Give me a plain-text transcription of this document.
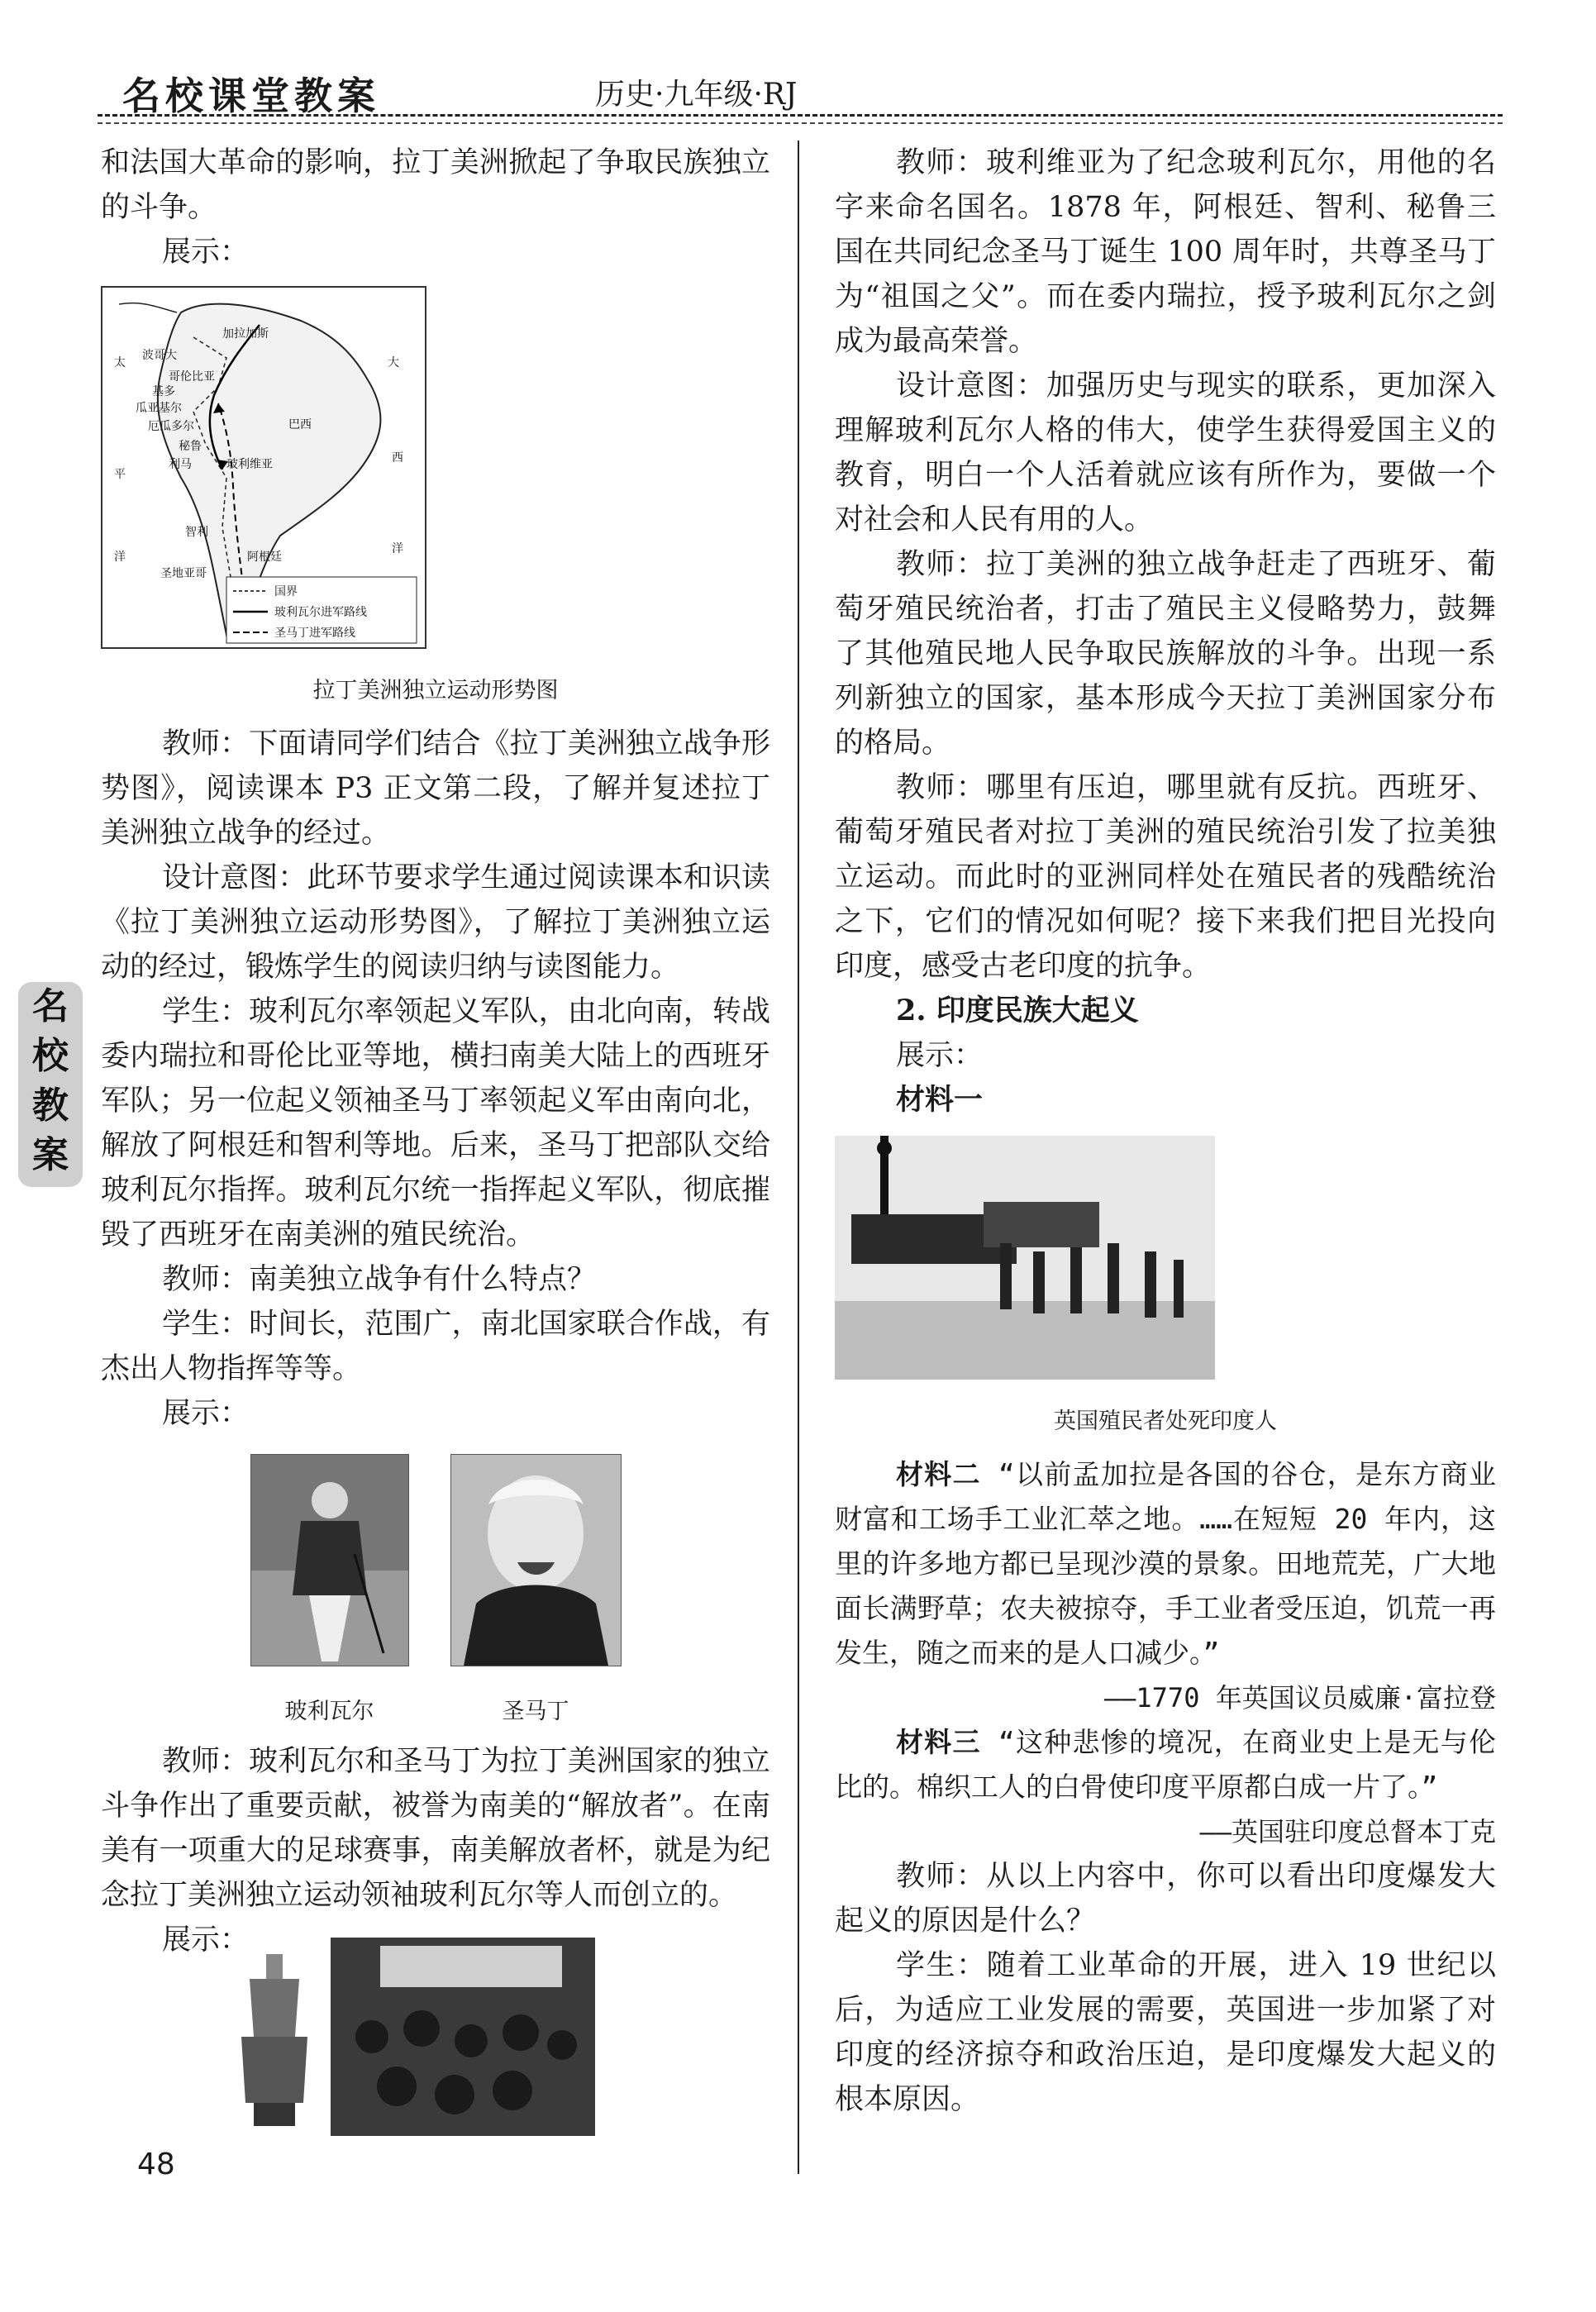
名校课堂教案	历史·九年级·RJ
名
校
教
案

和法国大革命的影响，拉丁美洲掀起了争取民族独立的斗争。

展示：

太
平
洋
大
西
洋
波哥大
加拉加斯
哥伦比亚
基多
瓜亚基尔
厄瓜多尔
秘鲁
利马	玻利维亚
巴西
阿根廷
圣地亚哥
智利
国界
玻利瓦尔进军路线
圣马丁进军路线

拉丁美洲独立运动形势图

教师：下面请同学们结合《拉丁美洲独立战争形势图》，阅读课本 P3 正文第二段，了解并复述拉丁美洲独立战争的经过。

设计意图：此环节要求学生通过阅读课本和识读《拉丁美洲独立运动形势图》，了解拉丁美洲独立运动的经过，锻炼学生的阅读归纳与读图能力。

学生：玻利瓦尔率领起义军队，由北向南，转战委内瑞拉和哥伦比亚等地，横扫南美大陆上的西班牙军队；另一位起义领袖圣马丁率领起义军由南向北，解放了阿根廷和智利等地。后来，圣马丁把部队交给玻利瓦尔指挥。玻利瓦尔统一指挥起义军队，彻底摧毁了西班牙在南美洲的殖民统治。

教师：南美独立战争有什么特点？

学生：时间长，范围广，南北国家联合作战，有杰出人物指挥等等。

展示：

玻利瓦尔	圣马丁

教师：玻利瓦尔和圣马丁为拉丁美洲国家的独立斗争作出了重要贡献，被誉为南美的“解放者”。在南美有一项重大的足球赛事，南美解放者杯，就是为纪念拉丁美洲独立运动领袖玻利瓦尔等人而创立的。

展示：

教师：玻利维亚为了纪念玻利瓦尔，用他的名字来命名国名。1878 年，阿根廷、智利、秘鲁三国在共同纪念圣马丁诞生 100 周年时，共尊圣马丁为“祖国之父”。而在委内瑞拉，授予玻利瓦尔之剑成为最高荣誉。

设计意图：加强历史与现实的联系，更加深入理解玻利瓦尔人格的伟大，使学生获得爱国主义的教育，明白一个人活着就应该有所作为，要做一个对社会和人民有用的人。

教师：拉丁美洲的独立战争赶走了西班牙、葡萄牙殖民统治者，打击了殖民主义侵略势力，鼓舞了其他殖民地人民争取民族解放的斗争。出现一系列新独立的国家，基本形成今天拉丁美洲国家分布的格局。

教师：哪里有压迫，哪里就有反抗。西班牙、葡萄牙殖民者对拉丁美洲的殖民统治引发了拉美独立运动。而此时的亚洲同样处在殖民者的残酷统治之下，它们的情况如何呢？接下来我们把目光投向印度，感受古老印度的抗争。

2. 印度民族大起义

展示：

材料一

英国殖民者处死印度人

材料二 “以前孟加拉是各国的谷仓，是东方商业财富和工场手工业汇萃之地。……在短短 20 年内，这里的许多地方都已呈现沙漠的景象。田地荒芜，广大地面长满野草；农夫被掠夺，手工业者受压迫，饥荒一再发生，随之而来的是人口减少。”

——1770 年英国议员威廉·富拉登

材料三 “这种悲惨的境况，在商业史上是无与伦比的。棉织工人的白骨使印度平原都白成一片了。”

——英国驻印度总督本丁克

教师：从以上内容中，你可以看出印度爆发大起义的原因是什么？

学生：随着工业革命的开展，进入 19 世纪以后，为适应工业发展的需要，英国进一步加紧了对印度的经济掠夺和政治压迫，是印度爆发大起义的根本原因。

48
